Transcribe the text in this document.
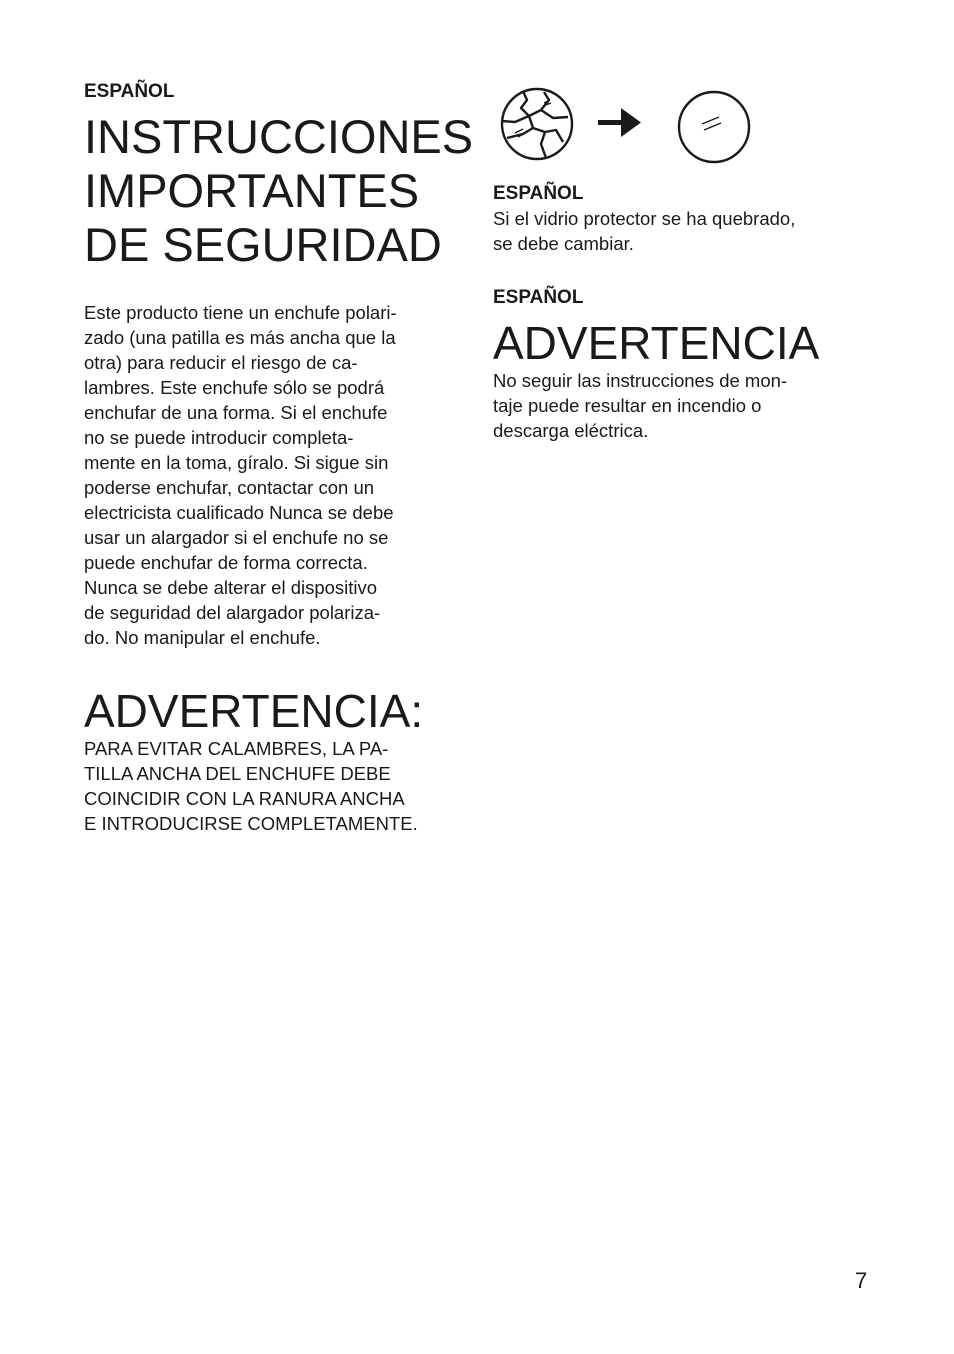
ESPAÑOL

INSTRUCCIONES
IMPORTANTES
DE SEGURIDAD

Este producto tiene un enchufe polari-
zado (una patilla es más ancha que la
otra) para reducir el riesgo de ca-
lambres. Este enchufe sólo se podrá
enchufar de una forma. Si el enchufe
no se puede introducir completa-
mente en la toma, gíralo. Si sigue sin
poderse enchufar, contactar con un
electricista cualificado Nunca se debe
usar un alargador si el enchufe no se
puede enchufar de forma correcta.
Nunca se debe alterar el dispositivo
de seguridad del alargador polariza-
do. No manipular el enchufe.

ADVERTENCIA:

PARA EVITAR CALAMBRES, LA PA-
TILLA ANCHA DEL ENCHUFE DEBE
COINCIDIR CON LA RANURA ANCHA
E INTRODUCIRSE COMPLETAMENTE.

ESPAÑOL

Si el vidrio protector se ha quebrado,
se debe cambiar.

ESPAÑOL

ADVERTENCIA

No seguir las instrucciones de mon-
taje puede resultar en incendio o
descarga eléctrica.

7
